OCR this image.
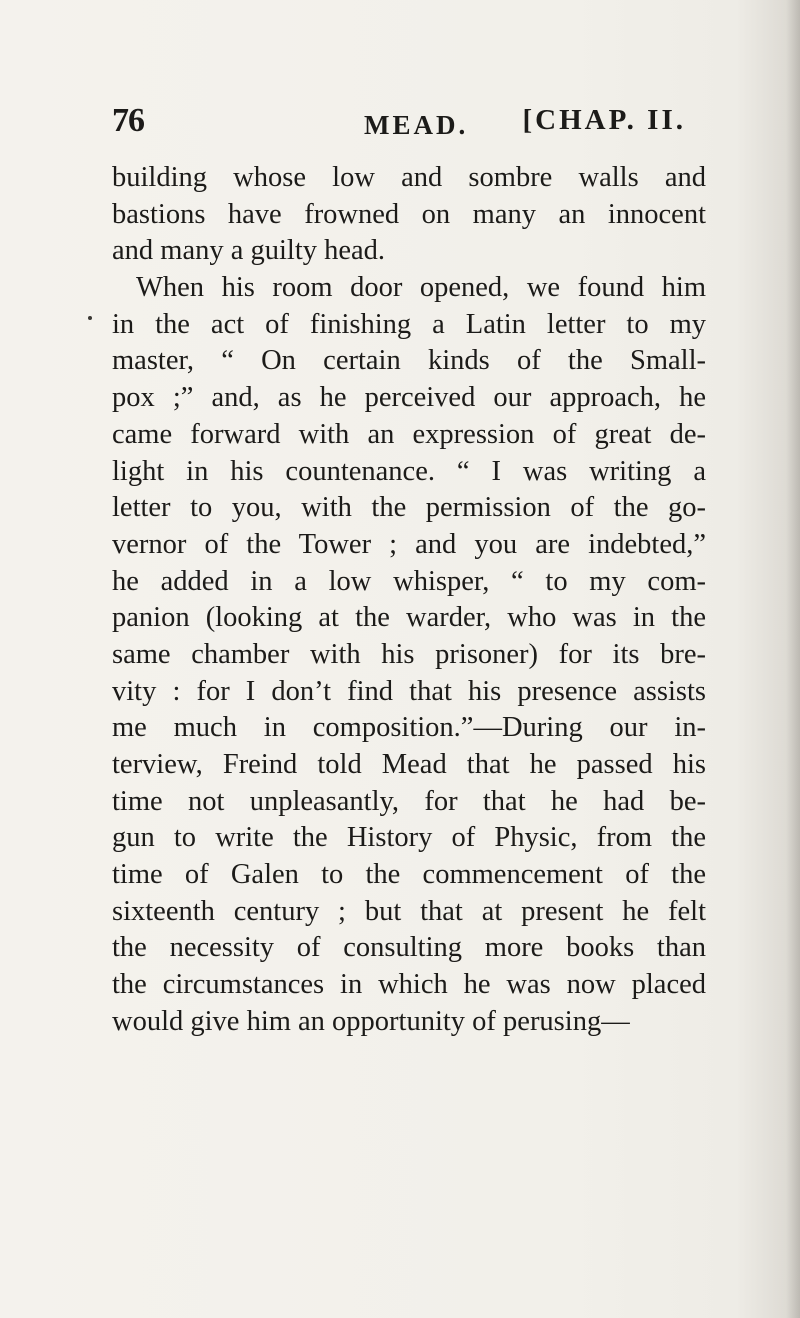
76	MEAD. [CHAP. II.
building whose low and sombre walls and
bastions have frowned on many an innocent
and many a guilty head.
When his room door opened, we found him
in the act of finishing a Latin letter to my
master, “ On certain kinds of the Small-
pox ;” and, as he perceived our approach, he
came forward with an expression of great de-
light in his countenance. “ I was writing a
letter to you, with the permission of the go-
vernor of the Tower ; and you are indebted,”
he added in a low whisper, “ to my com-
panion (looking at the warder, who was in the
same chamber with his prisoner) for its bre-
vity : for I don’t find that his presence assists
me much in composition.”—During our in-
terview, Freind told Mead that he passed his
time not unpleasantly, for that he had be-
gun to write the History of Physic, from the
time of Galen to the commencement of the
sixteenth century ; but that at present he felt
the necessity of consulting more books than
the circumstances in which he was now placed
would give him an opportunity of perusing—
